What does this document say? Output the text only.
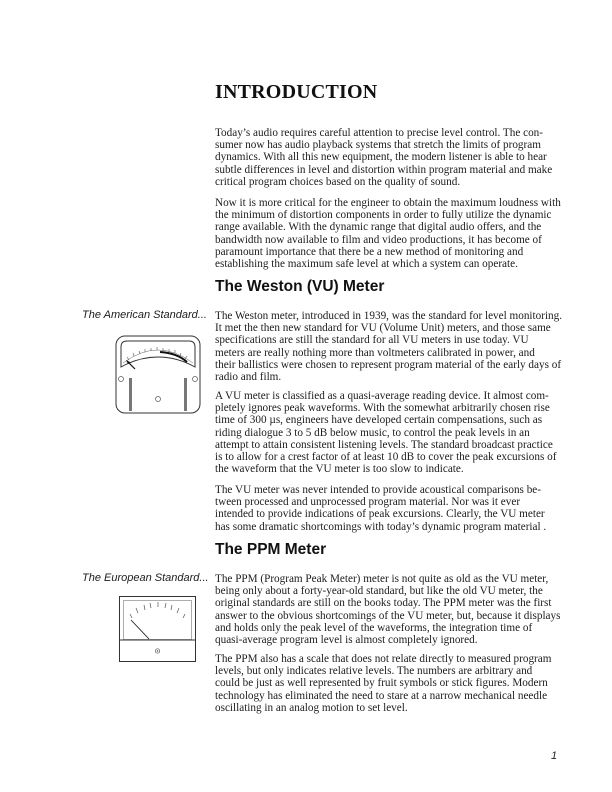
INTRODUCTION
Today’s audio requires careful attention to precise level control. The con-
sumer now has audio playback systems that stretch the limits of program
dynamics. With all this new equipment, the modern listener is able to hear
subtle differences in level and distortion within program material and make
critical program choices based on the quality of sound.
Now it is more critical for the engineer to obtain the maximum loudness with
the minimum of distortion components in order to fully utilize the dynamic
range available. With the dynamic range that digital audio offers, and the
bandwidth now available to film and video productions, it has become of
paramount importance that there be a new method of monitoring and
establishing the maximum safe level at which a system can operate.
The Weston (VU) Meter
The American Standard... The Weston meter, introduced in 1939, was the standard for level monitoring.
It met the then new standard for VU (Volume Unit) meters, and those same
specifications are still the standard for all VU meters in use today. VU
meters are really nothing more than voltmeters calibrated in power, and
their ballistics were chosen to represent program material of the early days of
radio and film.
A VU meter is classified as a quasi-average reading device. It almost com-
pletely ignores peak waveforms. With the somewhat arbitrarily chosen rise
time of 300 µs, engineers have developed certain compensations, such as
riding dialogue 3 to 5 dB below music, to control the peak levels in an
attempt to attain consistent listening levels. The standard broadcast practice
is to allow for a crest factor of at least 10 dB to cover the peak excursions of
the waveform that the VU meter is too slow to indicate.
The VU meter was never intended to provide acoustical comparisons be-
tween processed and unprocessed program material. Nor was it ever
intended to provide indications of peak excursions. Clearly, the VU meter
has some dramatic shortcomings with today’s dynamic program material .
The PPM Meter
The European Standard... The PPM (Program Peak Meter) meter is not quite as old as the VU meter,
being only about a forty-year-old standard, but like the old VU meter, the
original standards are still on the books today. The PPM meter was the first
answer to the obvious shortcomings of the VU meter, but, because it displays
and holds only the peak level of the waveforms, the integration time of
quasi-average program level is almost completely ignored.
The PPM also has a scale that does not relate directly to measured program
levels, but only indicates relative levels. The numbers are arbitrary and
could be just as well represented by fruit symbols or stick figures. Modern
technology has eliminated the need to stare at a narrow mechanical needle
oscillating in an analog motion to set level.
1
